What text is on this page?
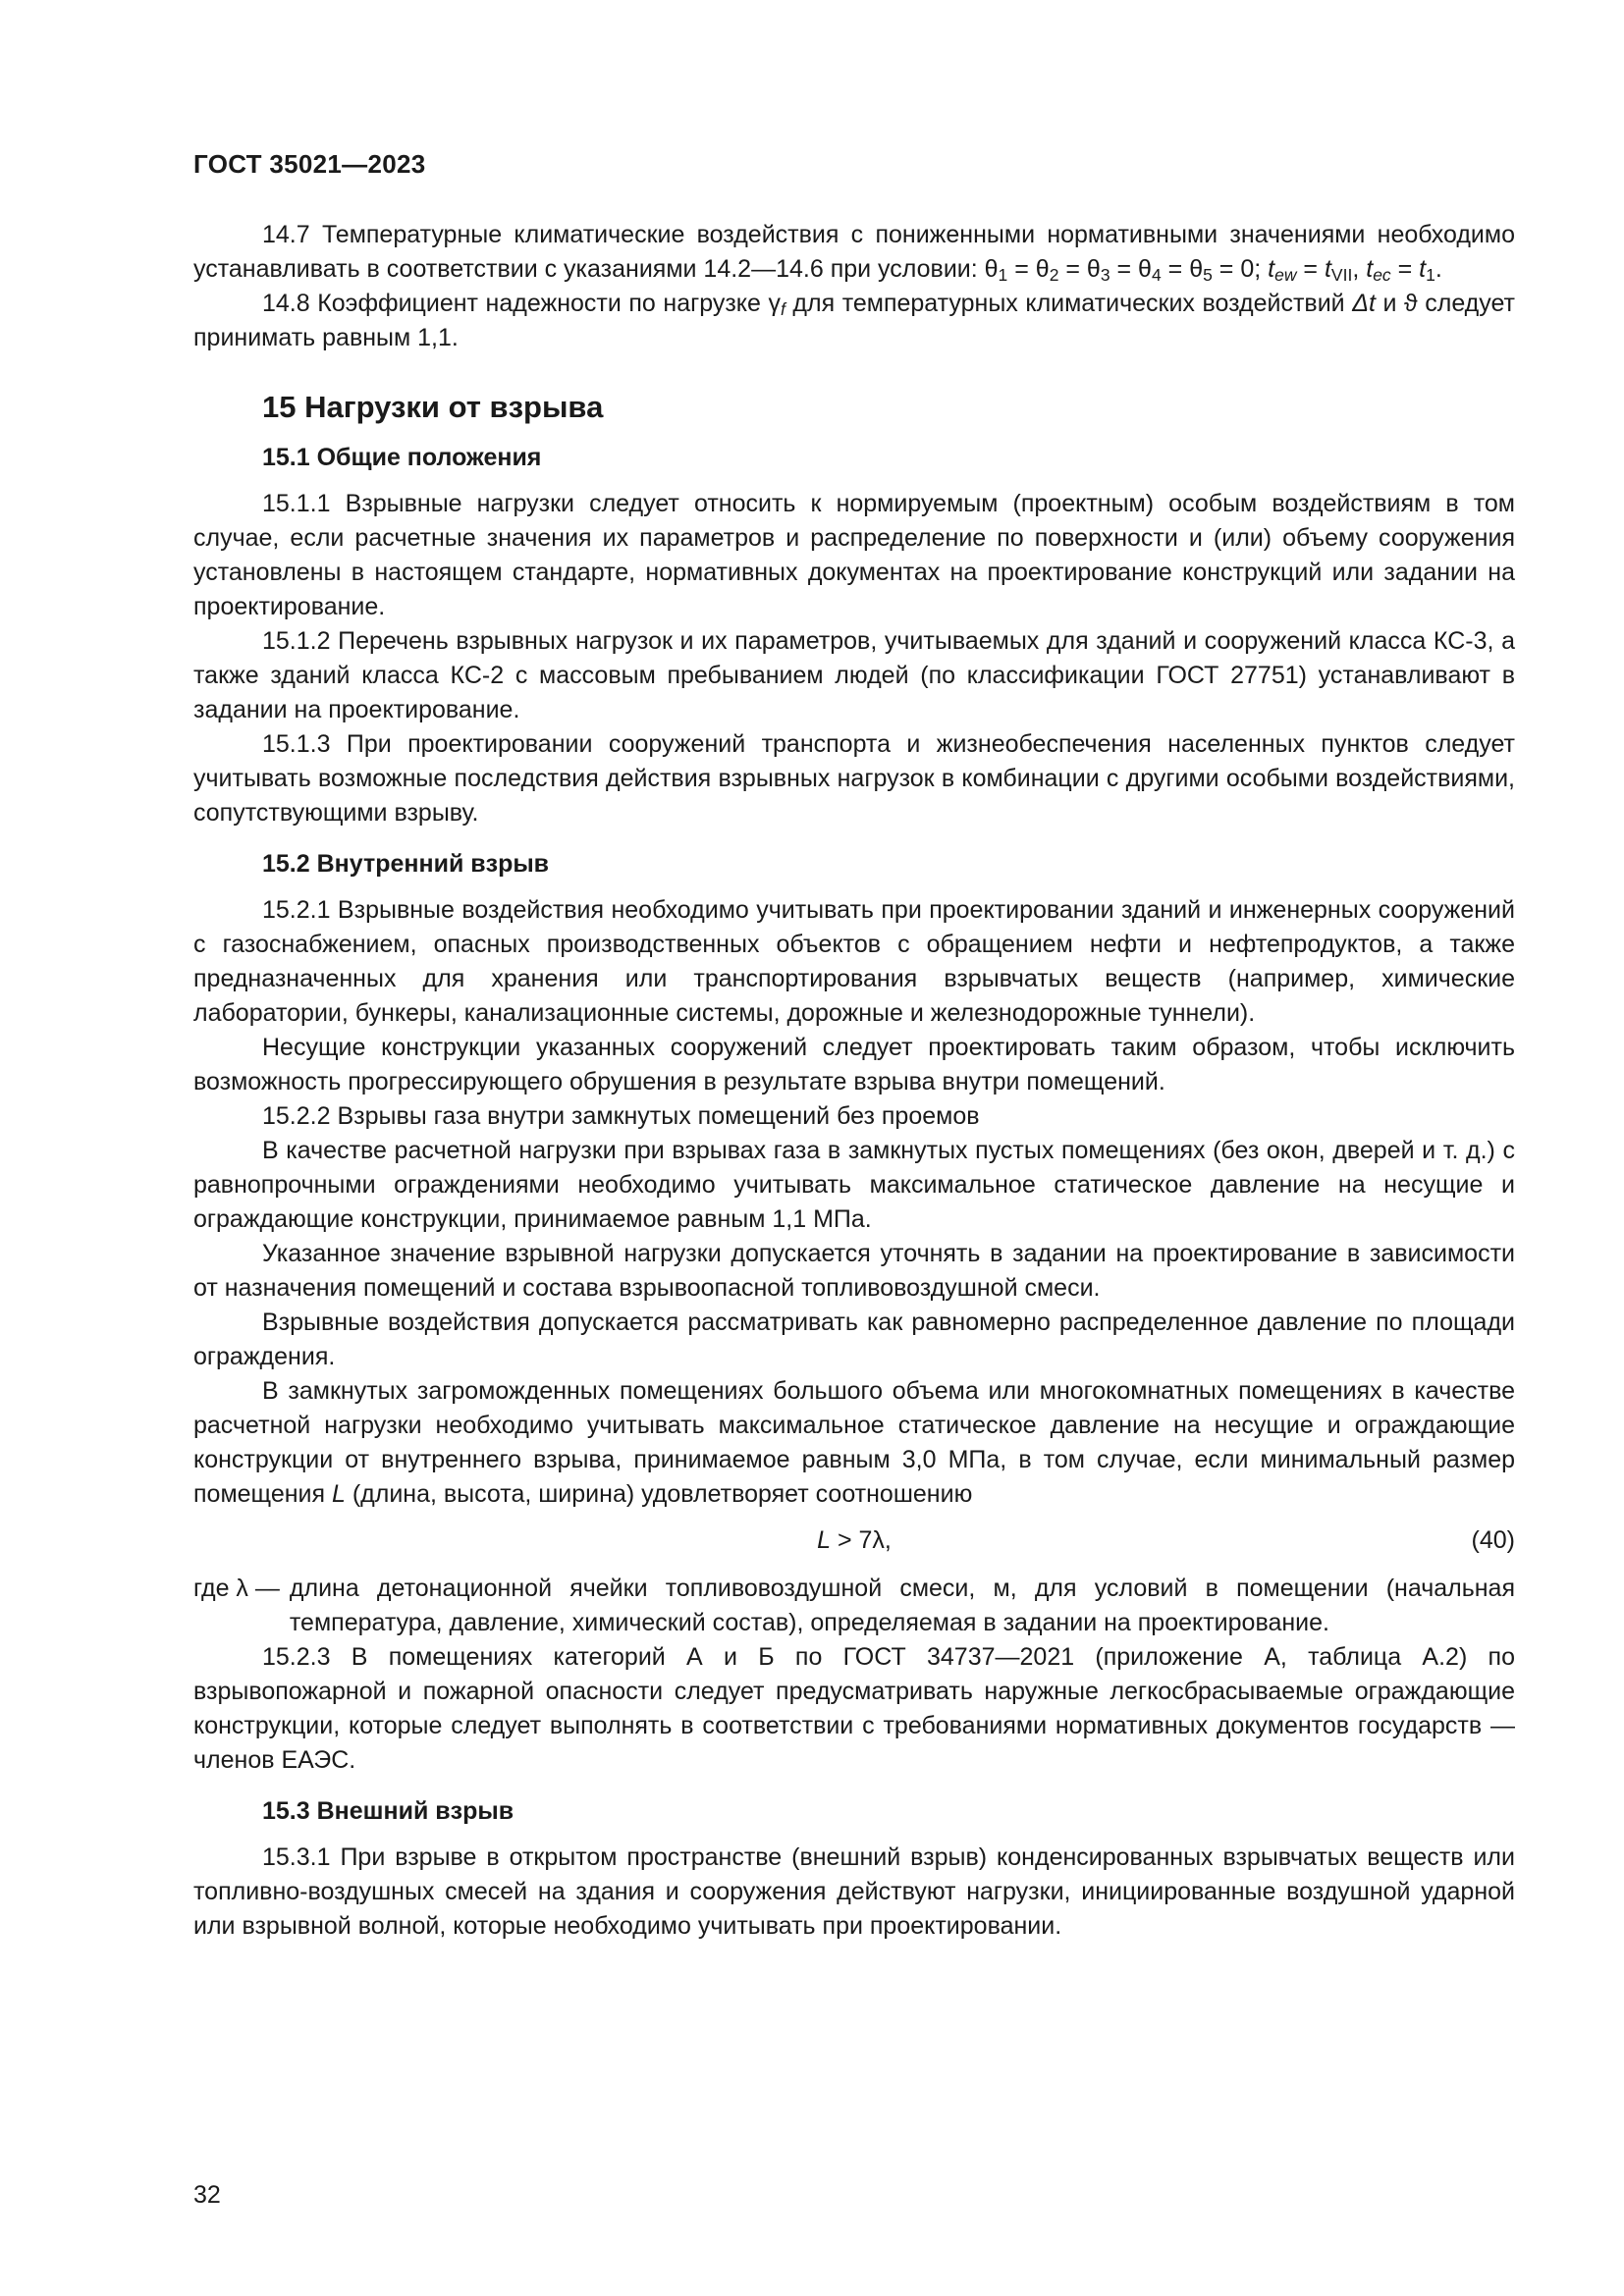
ГОСТ 35021—2023

14.7 Температурные климатические воздействия с пониженными нормативными значениями необходимо устанавливать в соответствии с указаниями 14.2—14.6 при условии: $\theta_1 = \theta_2 = \theta_3 = \theta_4 = \theta_5 = 0$; $t_{ew} = t_{VII}$, $t_{ec} = t_1$.

14.8 Коэффициент надежности по нагрузке $\gamma_f$ для температурных климатических воздействий Δt и ϑ следует принимать равным 1,1.

15 Нагрузки от взрыва
15.1 Общие положения

15.1.1 Взрывные нагрузки следует относить к нормируемым (проектным) особым воздействиям в том случае, если расчетные значения их параметров и распределение по поверхности и (или) объему сооружения установлены в настоящем стандарте, нормативных документах на проектирование конструкций или задании на проектирование.

15.1.2 Перечень взрывных нагрузок и их параметров, учитываемых для зданий и сооружений класса КС-3, а также зданий класса КС-2 с массовым пребыванием людей (по классификации ГОСТ 27751) устанавливают в задании на проектирование.

15.1.3 При проектировании сооружений транспорта и жизнеобеспечения населенных пунктов следует учитывать возможные последствия действия взрывных нагрузок в комбинации с другими особыми воздействиями, сопутствующими взрыву.

15.2 Внутренний взрыв

15.2.1 Взрывные воздействия необходимо учитывать при проектировании зданий и инженерных сооружений с газоснабжением, опасных производственных объектов с обращением нефти и нефтепродуктов, а также предназначенных для хранения или транспортирования взрывчатых веществ (например, химические лаборатории, бункеры, канализационные системы, дорожные и железнодорожные туннели).

Несущие конструкции указанных сооружений следует проектировать таким образом, чтобы исключить возможность прогрессирующего обрушения в результате взрыва внутри помещений.

15.2.2 Взрывы газа внутри замкнутых помещений без проемов

В качестве расчетной нагрузки при взрывах газа в замкнутых пустых помещениях (без окон, дверей и т. д.) с равнопрочными ограждениями необходимо учитывать максимальное статическое давление на несущие и ограждающие конструкции, принимаемое равным 1,1 МПа.

Указанное значение взрывной нагрузки допускается уточнять в задании на проектирование в зависимости от назначения помещений и состава взрывоопасной топливовоздушной смеси.

Взрывные воздействия допускается рассматривать как равномерно распределенное давление по площади ограждения.

В замкнутых загроможденных помещениях большого объема или многокомнатных помещениях в качестве расчетной нагрузки необходимо учитывать максимальное статическое давление на несущие и ограждающие конструкции от внутреннего взрыва, принимаемое равным 3,0 МПа, в том случае, если минимальный размер помещения L (длина, высота, ширина) удовлетворяет соотношению

L > 7λ,	(40)
где λ — длина детонационной ячейки топливовоздушной смеси, м, для условий в помещении (начальная температура, давление, химический состав), определяемая в задании на проектирование.

15.2.3 В помещениях категорий А и Б по ГОСТ 34737—2021 (приложение А, таблица А.2) по взрывопожарной и пожарной опасности следует предусматривать наружные легкосбрасываемые ограждающие конструкции, которые следует выполнять в соответствии с требованиями нормативных документов государств — членов ЕАЭС.

15.3 Внешний взрыв

15.3.1 При взрыве в открытом пространстве (внешний взрыв) конденсированных взрывчатых веществ или топливно-воздушных смесей на здания и сооружения действуют нагрузки, инициированные воздушной ударной или взрывной волной, которые необходимо учитывать при проектировании.

32
